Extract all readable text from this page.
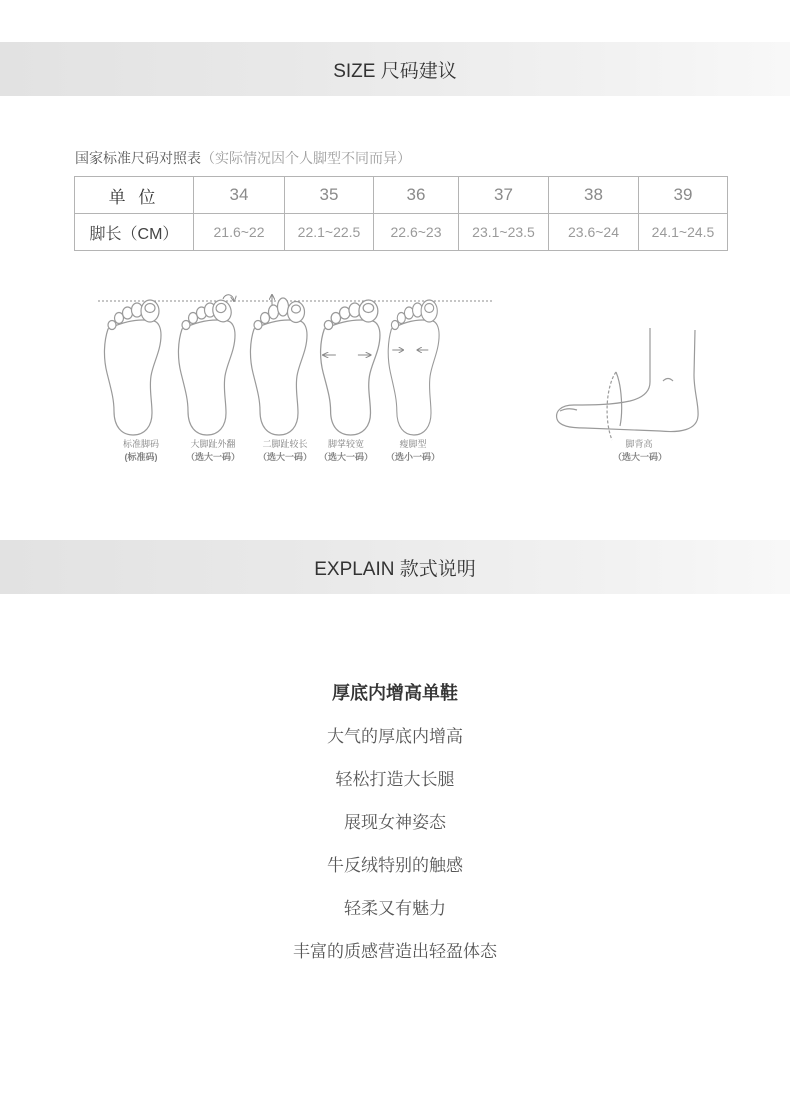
SIZE 尺码建议
国家标准尺码对照表（实际情况因个人脚型不同而异）
单 位	34	35	36	37	38	39
脚长（CM）	21.6~22	22.1~22.5	22.6~23	23.1~23.5	23.6~24	24.1~24.5
标准脚码
(标准码)
大脚趾外翻
（选大一码）
二脚趾较长
（选大一码）
脚掌较宽
（选大一码）
瘦脚型
（选小一码）
脚背高
（选大一码）
EXPLAIN 款式说明
厚底内增高单鞋
大气的厚底内增高
轻松打造大长腿
展现女神姿态
牛反绒特别的触感
轻柔又有魅力
丰富的质感营造出轻盈体态
